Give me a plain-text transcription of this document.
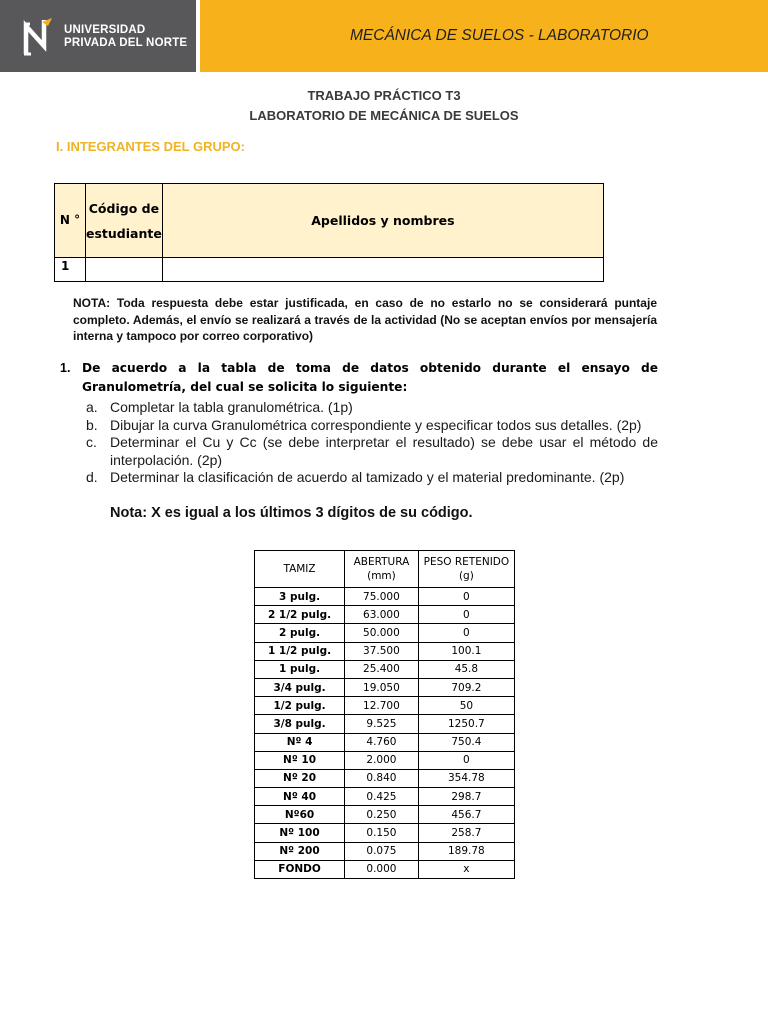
UNIVERSIDAD
PRIVADA DEL NORTE	MECÁNICA DE SUELOS - LABORATORIO
TRABAJO PRÁCTICO T3
LABORATORIO DE MECÁNICA DE SUELOS
I. INTEGRANTES DEL GRUPO:
N °	Código de estudiante	Apellidos y nombres
1		
NOTA: Toda respuesta debe estar justificada, en caso de no estarlo no se considerará puntaje completo. Además, el envío se realizará a través de la actividad (No se aceptan envíos por mensajería interna y tampoco por correo corporativo)
1. De acuerdo a la tabla de toma de datos obtenido durante el ensayo de Granulometría, del cual se solicita lo siguiente:
a. Completar la tabla granulométrica. (1p)
b. Dibujar la curva Granulométrica correspondiente y especificar todos sus detalles. (2p)
c. Determinar el Cu y Cc (se debe interpretar el resultado) se debe usar el método de interpolación. (2p)
d. Determinar la clasificación de acuerdo al tamizado y el material predominante. (2p)
Nota: X es igual a los últimos 3 dígitos de su código.
TAMIZ	ABERTURA (mm)	PESO RETENIDO (g)
3 pulg.	75.000	0
2 1/2 pulg.	63.000	0
2 pulg.	50.000	0
1 1/2 pulg.	37.500	100.1
1 pulg.	25.400	45.8
3/4 pulg.	19.050	709.2
1/2 pulg.	12.700	50
3/8 pulg.	9.525	1250.7
Nº 4	4.760	750.4
Nº 10	2.000	0
Nº 20	0.840	354.78
Nº 40	0.425	298.7
Nº60	0.250	456.7
Nº 100	0.150	258.7
Nº 200	0.075	189.78
FONDO	0.000	x
